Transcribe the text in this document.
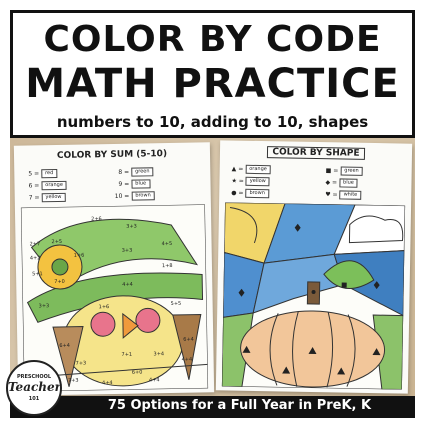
COLOR BY CODE
MATH PRACTICE
numbers to 10, adding to 10, shapes
COLOR BY SUM (5-10)
5 =	red
6 =	orange
7 =	yellow
8 =	green
9 =	blue
10 =	brown
2+6
3+3
2+7 2+5
4+2	1+6
5+1
7+0
3+3
4+5
1+8
4+4
1+6
5+5
6+4
7+3
6+4
4+4
7+3	4+4
6+0
3+4
7+1
4+4
3+3
COLOR BY SHAPE
▲ =	orange
★ =	yellow
● =	brown
■ =	green
◆ =	blue
♥ =	white
75 Options for a Full Year in PreK, K
PRESCHOOL
Teacher
101
